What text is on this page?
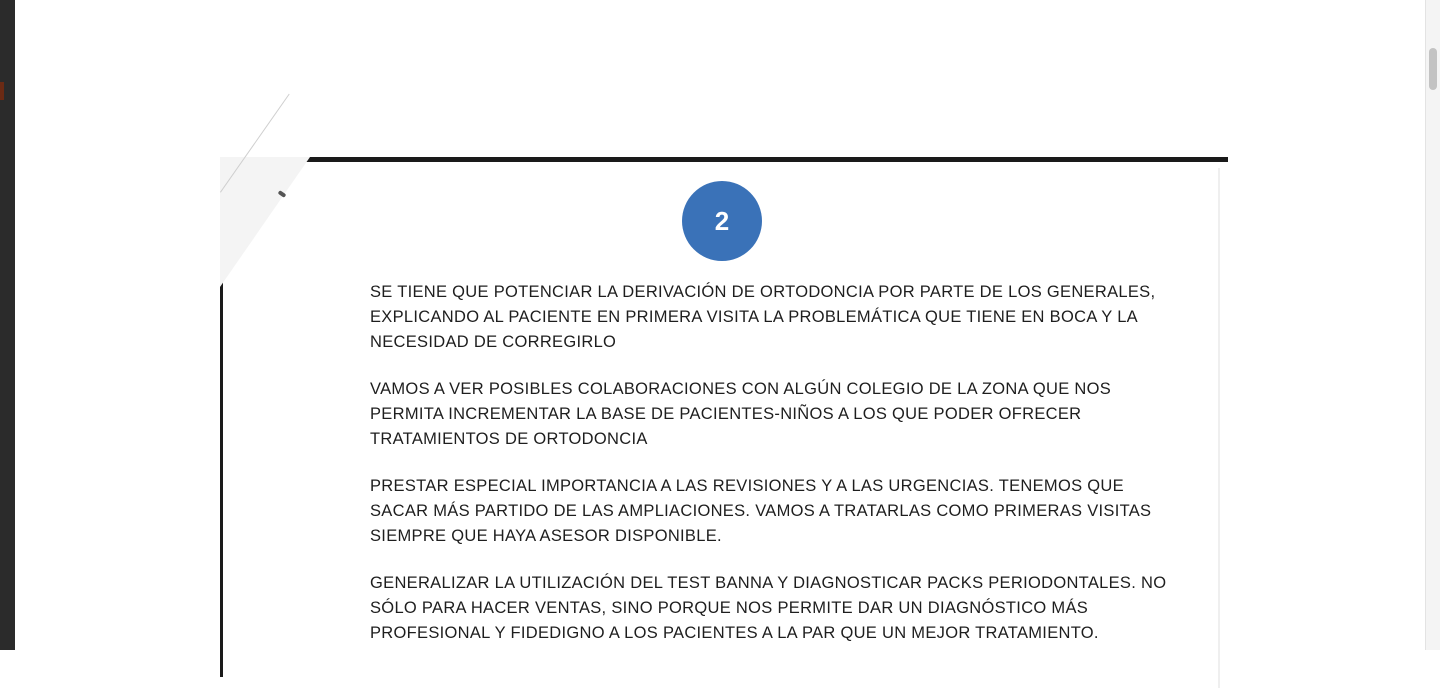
2
SE TIENE QUE POTENCIAR LA DERIVACIÓN DE ORTODONCIA POR PARTE DE LOS GENERALES,
EXPLICANDO AL PACIENTE EN PRIMERA VISITA LA PROBLEMÁTICA QUE TIENE EN BOCA Y LA
NECESIDAD DE CORREGIRLO
VAMOS A VER POSIBLES COLABORACIONES CON ALGÚN COLEGIO DE LA ZONA QUE NOS
PERMITA INCREMENTAR LA BASE DE PACIENTES-NIÑOS A LOS QUE PODER OFRECER
TRATAMIENTOS DE ORTODONCIA
PRESTAR ESPECIAL IMPORTANCIA A LAS REVISIONES Y A LAS URGENCIAS. TENEMOS QUE
SACAR MÁS PARTIDO DE LAS AMPLIACIONES. VAMOS A TRATARLAS COMO PRIMERAS VISITAS
SIEMPRE QUE HAYA ASESOR DISPONIBLE.
GENERALIZAR LA UTILIZACIÓN DEL TEST BANNA Y DIAGNOSTICAR PACKS PERIODONTALES. NO
SÓLO PARA HACER VENTAS, SINO PORQUE NOS PERMITE DAR UN DIAGNÓSTICO MÁS
PROFESIONAL Y FIDEDIGNO A LOS PACIENTES A LA PAR QUE UN MEJOR TRATAMIENTO.
